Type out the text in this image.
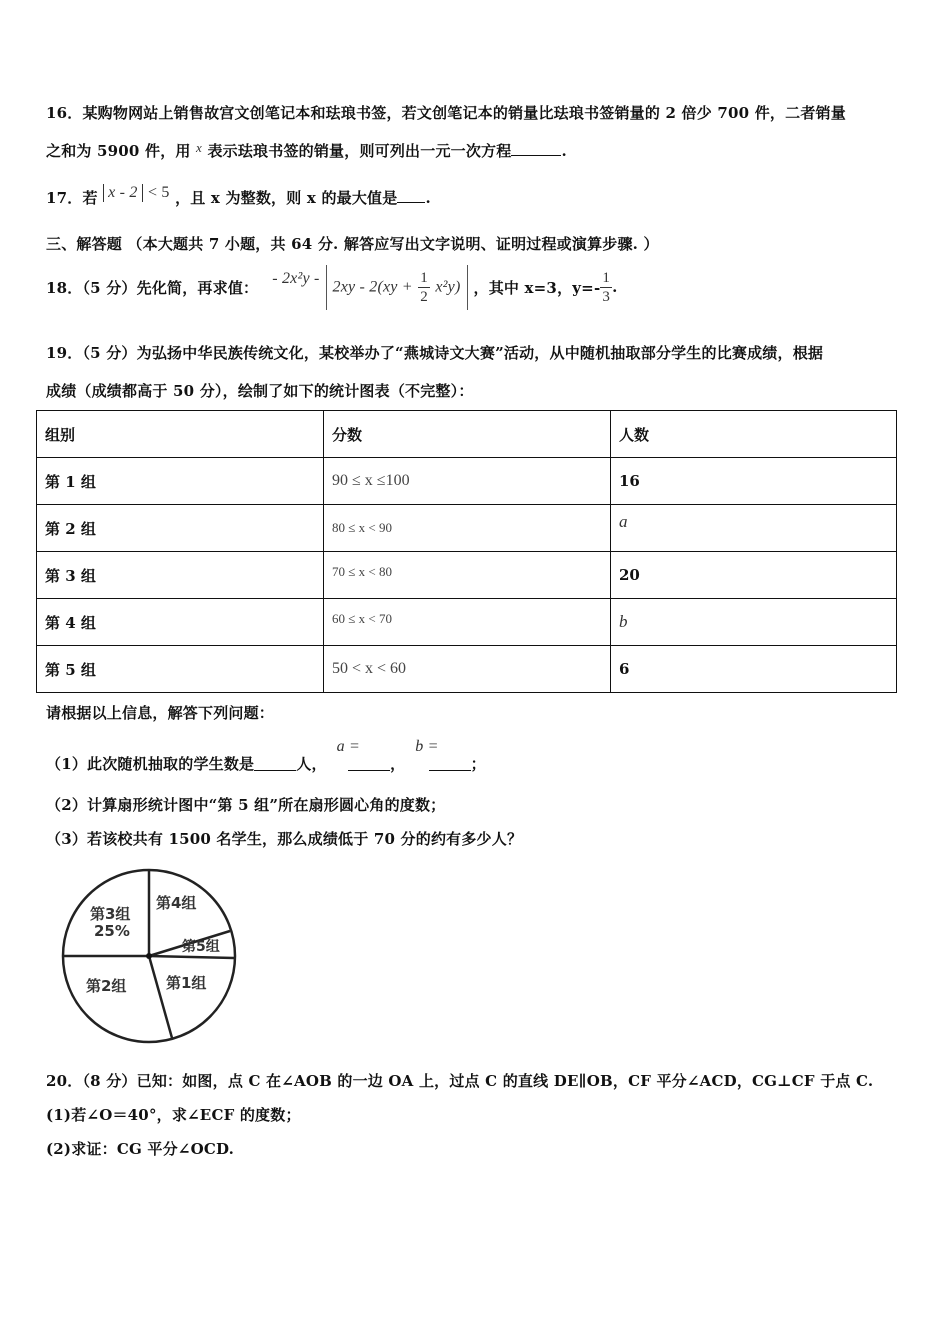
16．某购物网站上销售故宫文创笔记本和珐琅书签，若文创笔记本的销量比珐琅书签销量的 2 倍少 700 件，二者销量
之和为 5900 件，用 x 表示珐琅书签的销量，则可列出一元一次方程	.
17．若 x - 2 < 5 ，且 x 为整数，则 x 的最大值是 .
三、解答题 （本大题共 7 小题，共 64 分. 解答应写出文字说明、证明过程或演算步骤. ）
18．（5 分）先化简，再求值： - $2x^2y - 2xy - 2(xy + \frac{1}{2} x^2y)$ ，其中 x=3，$y=- \frac{1}{3}$ .
19．（5 分）为弘扬中华民族传统文化，某校举办了“燕城诗文大赛”活动，从中随机抽取部分学生的比赛成绩，根据
成绩（成绩都高于 50 分），绘制了如下的统计图表（不完整）：
组别	分数	人数
第 1 组	90 ≤ x ≤100	16
第 2 组	80 ≤ x < 90	a
第 3 组	70 ≤ x < 80	20
第 4 组	60 ≤ x < 70	b
第 5 组	50 < x < 60	6
请根据以上信息，解答下列问题：
（1）此次随机抽取的学生数是	人，
a =
，
b =
；
（2）计算扇形统计图中“第 5 组”所在扇形圆心角的度数；
（3）若该校共有 1500 名学生，那么成绩低于 70 分的约有多少人？
第3组
25%
第4组
第5组
第2组	第1组
20．（8 分）已知：如图，点 C 在∠AOB 的一边 OA 上，过点 C 的直线 DE∥OB，CF 平分∠ACD，CG⊥CF 于点 C.
(1)若∠O＝40°，求∠ECF 的度数；
(2)求证：CG 平分∠OCD.
